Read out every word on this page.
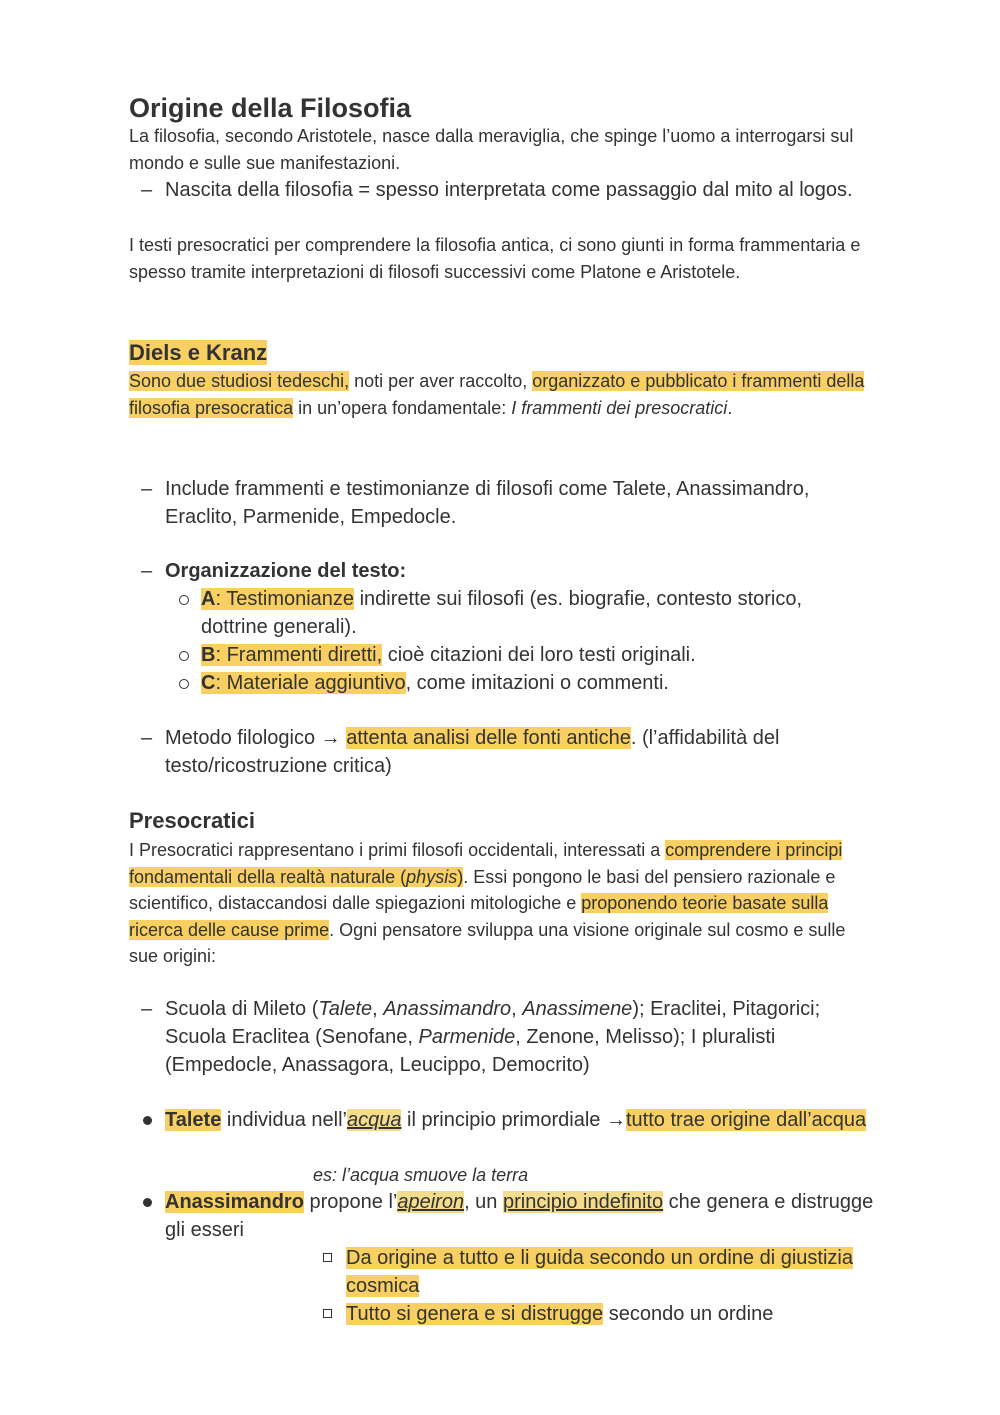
Origine della Filosofia

La filosofia, secondo Aristotele, nasce dalla meraviglia, che spinge l’uomo a interrogarsi sul mondo e sulle sue manifestazioni.

– Nascita della filosofia = spesso interpretata come passaggio dal mito al logos.

I testi presocratici per comprendere la filosofia antica, ci sono giunti in forma frammentaria e spesso tramite interpretazioni di filosofi successivi come Platone e Aristotele.

Diels e Kranz

Sono due studiosi tedeschi, noti per aver raccolto, organizzato e pubblicato i frammenti della filosofia presocratica in un’opera fondamentale: I frammenti dei presocratici.

– Include frammenti e testimonianze di filosofi come Talete, Anassimandro, Eraclito, Parmenide, Empedocle.
– Organizzazione del testo:
A: Testimonianze indirette sui filosofi (es. biografie, contesto storico, dottrine generali).
B: Frammenti diretti, cioè citazioni dei loro testi originali.
C: Materiale aggiuntivo, come imitazioni o commenti.
– Metodo filologico → attenta analisi delle fonti antiche. (l’affidabilità del testo/ricostruzione critica)
Presocratici

I Presocratici rappresentano i primi filosofi occidentali, interessati a comprendere i principi fondamentali della realtà naturale (physis). Essi pongono le basi del pensiero razionale e scientifico, distaccandosi dalle spiegazioni mitologiche e proponendo teorie basate sulla ricerca delle cause prime. Ogni pensatore sviluppa una visione originale sul cosmo e sulle sue origini:

– Scuola di Mileto (Talete, Anassimandro, Anassimene); Eraclitei, Pitagorici; Scuola Eraclitea (Senofane, Parmenide, Zenone, Melisso); I pluralisti (Empedocle, Anassagora, Leucippo, Democrito)
Talete individua nell’acqua il principio primordiale →tutto trae origine dall’acqua
es: l’acqua smuove la terra
Anassimandro propone l’apeiron, un principio indefinito che genera e distrugge gli esseri
Da origine a tutto e li guida secondo un ordine di giustizia cosmica
Tutto si genera e si distrugge secondo un ordine
